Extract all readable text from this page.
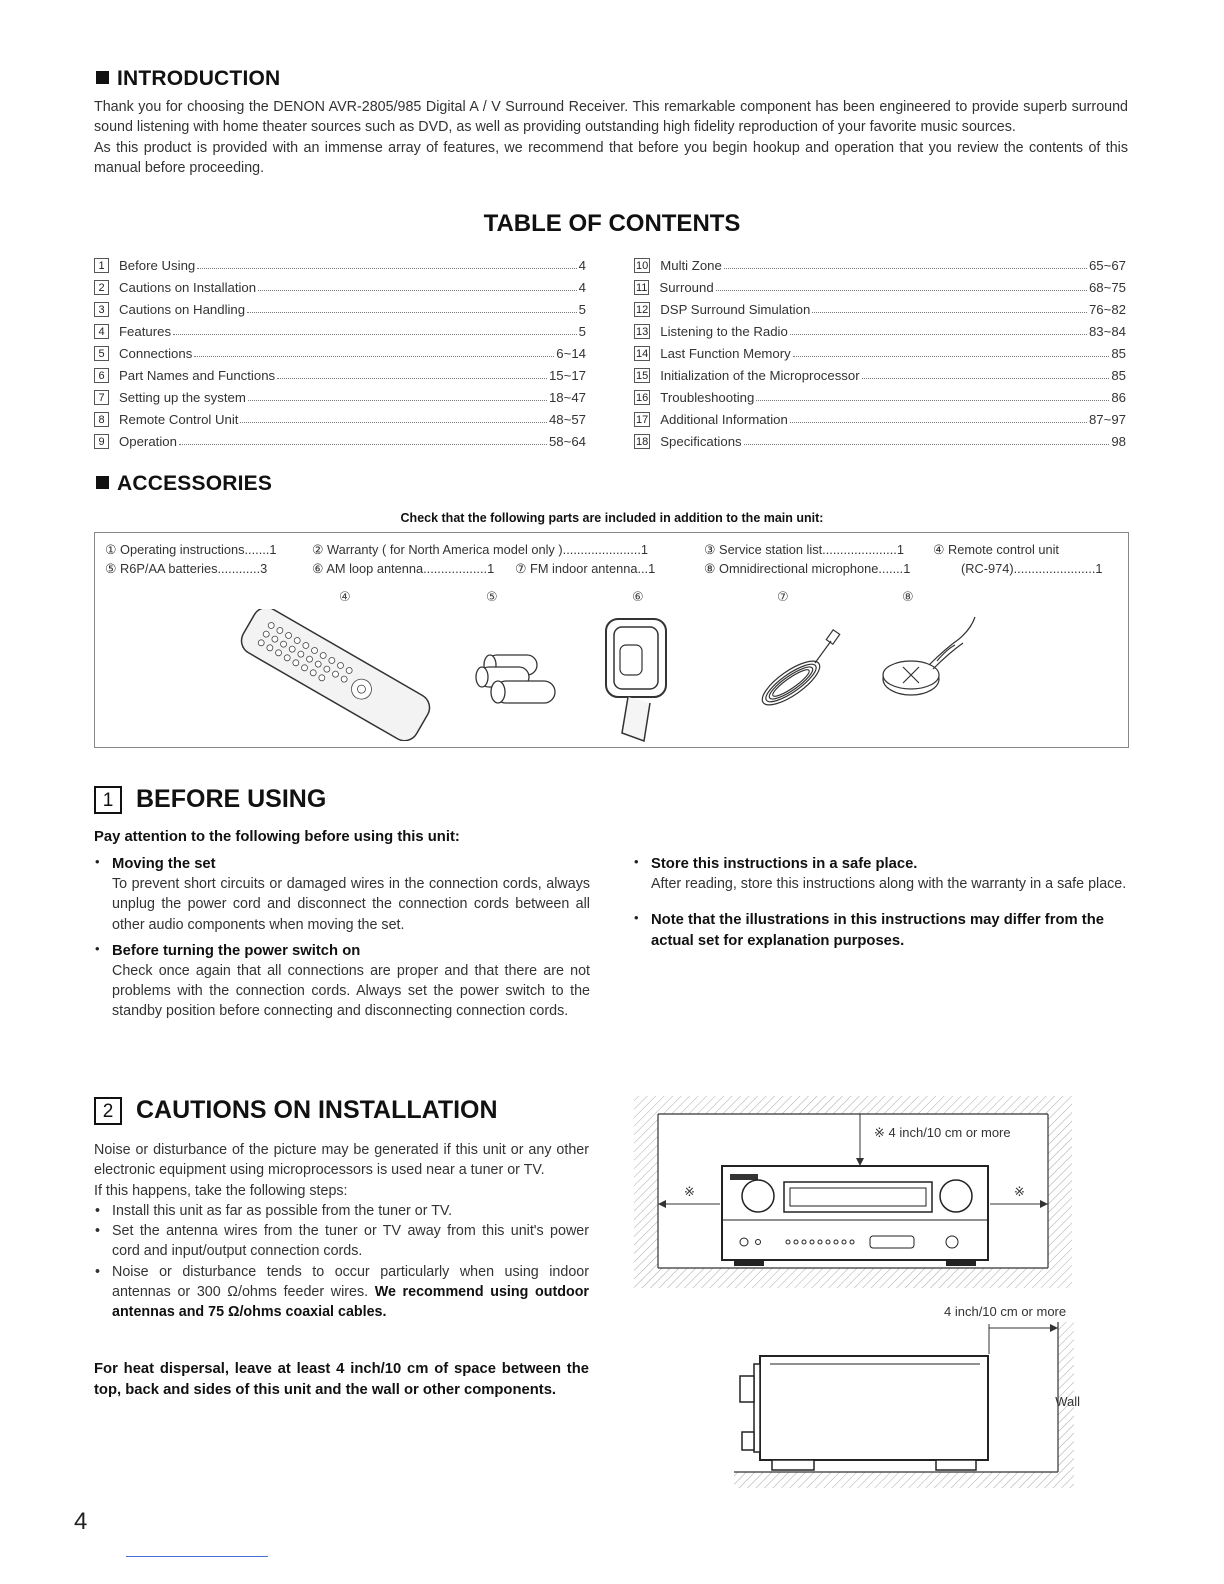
INTRODUCTION
Thank you for choosing the DENON AVR-2805/985 Digital A / V Surround Receiver. This remarkable component has been engineered to provide superb surround sound listening with home theater sources such as DVD, as well as providing outstanding high fidelity reproduction of your favorite music sources.
As this product is provided with an immense array of features, we recommend that before you begin hookup and operation that you review the contents of this manual before proceeding.
TABLE OF CONTENTS
1	Before Using	4
2	Cautions on Installation	4
3	Cautions on Handling	5
4	Features	5
5	Connections	6~14
6	Part Names and Functions	15~17
7	Setting up the system	18~47
8	Remote Control Unit	48~57
9	Operation	58~64
10 Multi Zone	65~67
11 Surround	68~75
12 DSP Surround Simulation	76~82
13 Listening to the Radio	83~84
14 Last Function Memory	85
15 Initialization of the Microprocessor	85
16 Troubleshooting	86
17 Additional Information	87~97
18 Specifications	98
ACCESSORIES
Check that the following parts are included in addition to the main unit:
① Operating instructions.......1	② Warranty ( for North America model only )......................1	③ Service station list.....................1 ④ Remote control unit
⑤ R6P/AA batteries............3	⑥ AM loop antenna..................1 ⑦ FM indoor antenna...1	⑧ Omnidirectional microphone.......1	(RC-974).......................1
④	⑤	⑥	⑦	⑧
1 BEFORE USING
Pay attention to the following before using this unit:
• Moving the set
To prevent short circuits or damaged wires in the connection cords, always unplug the power cord and disconnect the connection cords between all other audio components when moving the set.
• Before turning the power switch on
Check once again that all connections are proper and that there are not problems with the connection cords. Always set the power switch to the standby position before connecting and disconnecting connection cords.
• Store this instructions in a safe place.
After reading, store this instructions along with the warranty in a safe place.
• Note that the illustrations in this instructions may differ from the actual set for explanation purposes.
2 CAUTIONS ON INSTALLATION
Noise or disturbance of the picture may be generated if this unit or any other electronic equipment using microprocessors is used near a tuner or TV.
If this happens, take the following steps:
• Install this unit as far as possible from the tuner or TV.
• Set the antenna wires from the tuner or TV away from this unit's power cord and input/output connection cords.
• Noise or disturbance tends to occur particularly when using indoor antennas or 300 Ω/ohms feeder wires. We recommend using outdoor antennas and 75 Ω/ohms coaxial cables.
For heat dispersal, leave at least 4 inch/10 cm of space between the top, back and sides of this unit and the wall or other components.
※ 4 inch/10 cm or more
※	※
4 inch/10 cm or more
Wall
4
